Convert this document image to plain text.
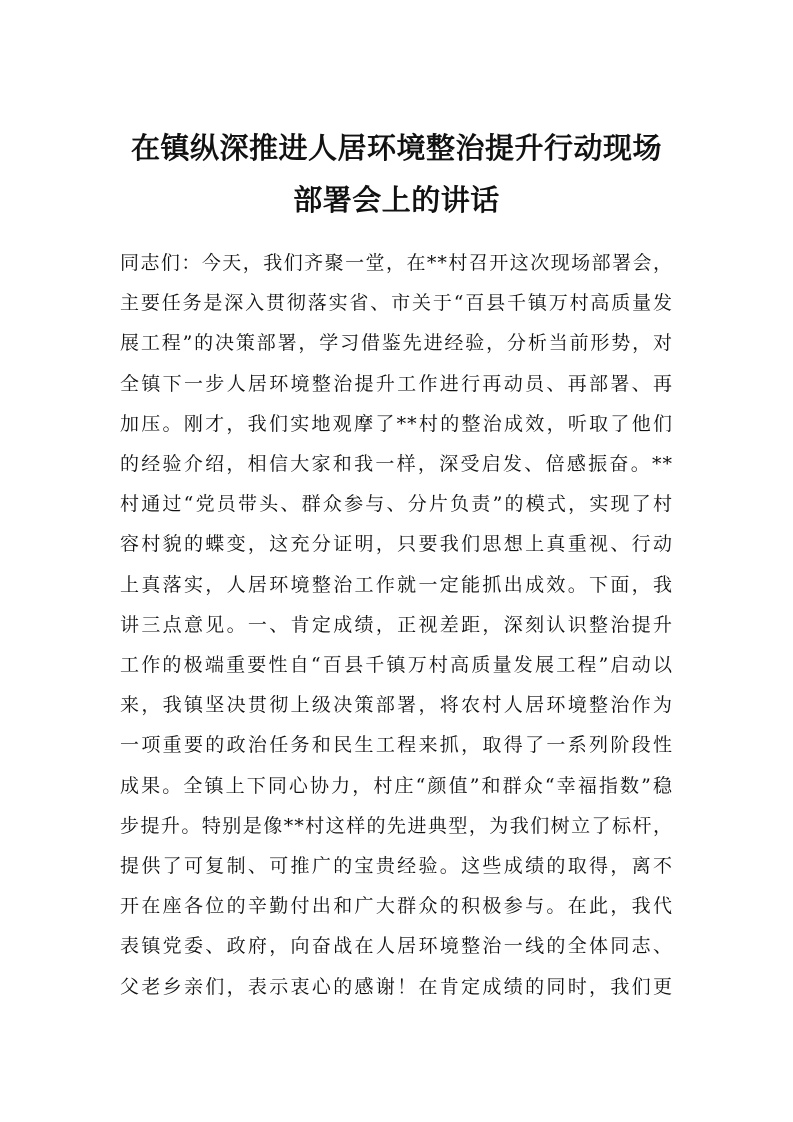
在镇纵深推进人居环境整治提升行动现场
部署会上的讲话
同志们：今天，我们齐聚一堂，在**村召开这次现场部署会，
主要任务是深入贯彻落实省、市关于“百县千镇万村高质量发
展工程”的决策部署，学习借鉴先进经验，分析当前形势，对
全镇下一步人居环境整治提升工作进行再动员、再部署、再
加压。刚才，我们实地观摩了**村的整治成效，听取了他们
的经验介绍，相信大家和我一样，深受启发、倍感振奋。**
村通过“党员带头、群众参与、分片负责”的模式，实现了村
容村貌的蝶变，这充分证明，只要我们思想上真重视、行动
上真落实，人居环境整治工作就一定能抓出成效。下面，我
讲三点意见。一、肯定成绩，正视差距，深刻认识整治提升
工作的极端重要性自“百县千镇万村高质量发展工程”启动以
来，我镇坚决贯彻上级决策部署，将农村人居环境整治作为
一项重要的政治任务和民生工程来抓，取得了一系列阶段性
成果。全镇上下同心协力，村庄“颜值”和群众“幸福指数”稳
步提升。特别是像**村这样的先进典型，为我们树立了标杆，
提供了可复制、可推广的宝贵经验。这些成绩的取得，离不
开在座各位的辛勤付出和广大群众的积极参与。在此，我代
表镇党委、政府，向奋战在人居环境整治一线的全体同志、
父老乡亲们，表示衷心的感谢！在肯定成绩的同时，我们更
